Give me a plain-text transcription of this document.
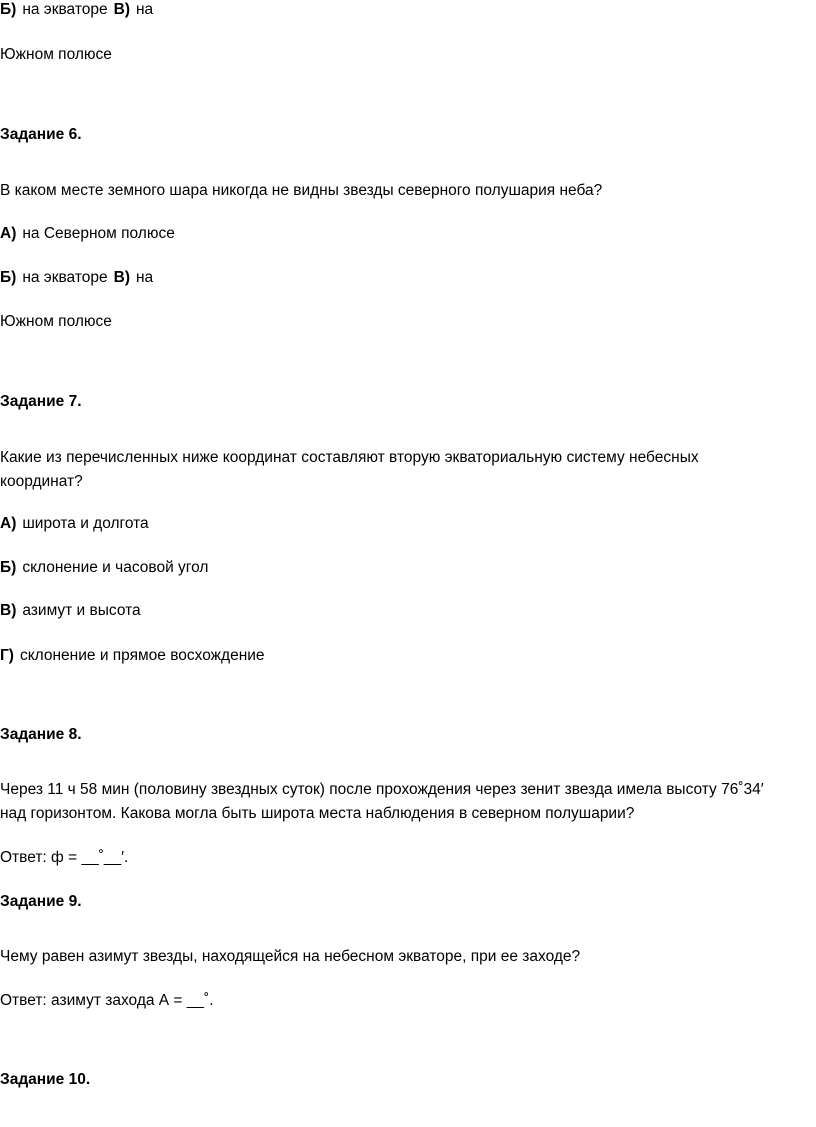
Б) на экваторе В) на
Южном полюсе
Задание 6.
В каком месте земного шара никогда не видны звезды северного полушария неба?
А) на Северном полюсе
Б) на экваторе В) на
Южном полюсе
Задание 7.
Какие из перечисленных ниже координат составляют вторую экваториальную систему небесных
координат?
А) широта и долгота
Б) склонение и часовой угол
В) азимут и высота
Г) склонение и прямое восхождение
Задание 8.
Через 11 ч 58 мин (половину звездных суток) после прохождения через зенит звезда имела высоту 76˚34′
над горизонтом. Какова могла быть широта места наблюдения в северном полушарии?
Ответ: ф = __˚__′.
Задание 9.
Чему равен азимут звезды, находящейся на небесном экваторе, при ее заходе?
Ответ: азимут захода А = __˚.
Задание 10.
